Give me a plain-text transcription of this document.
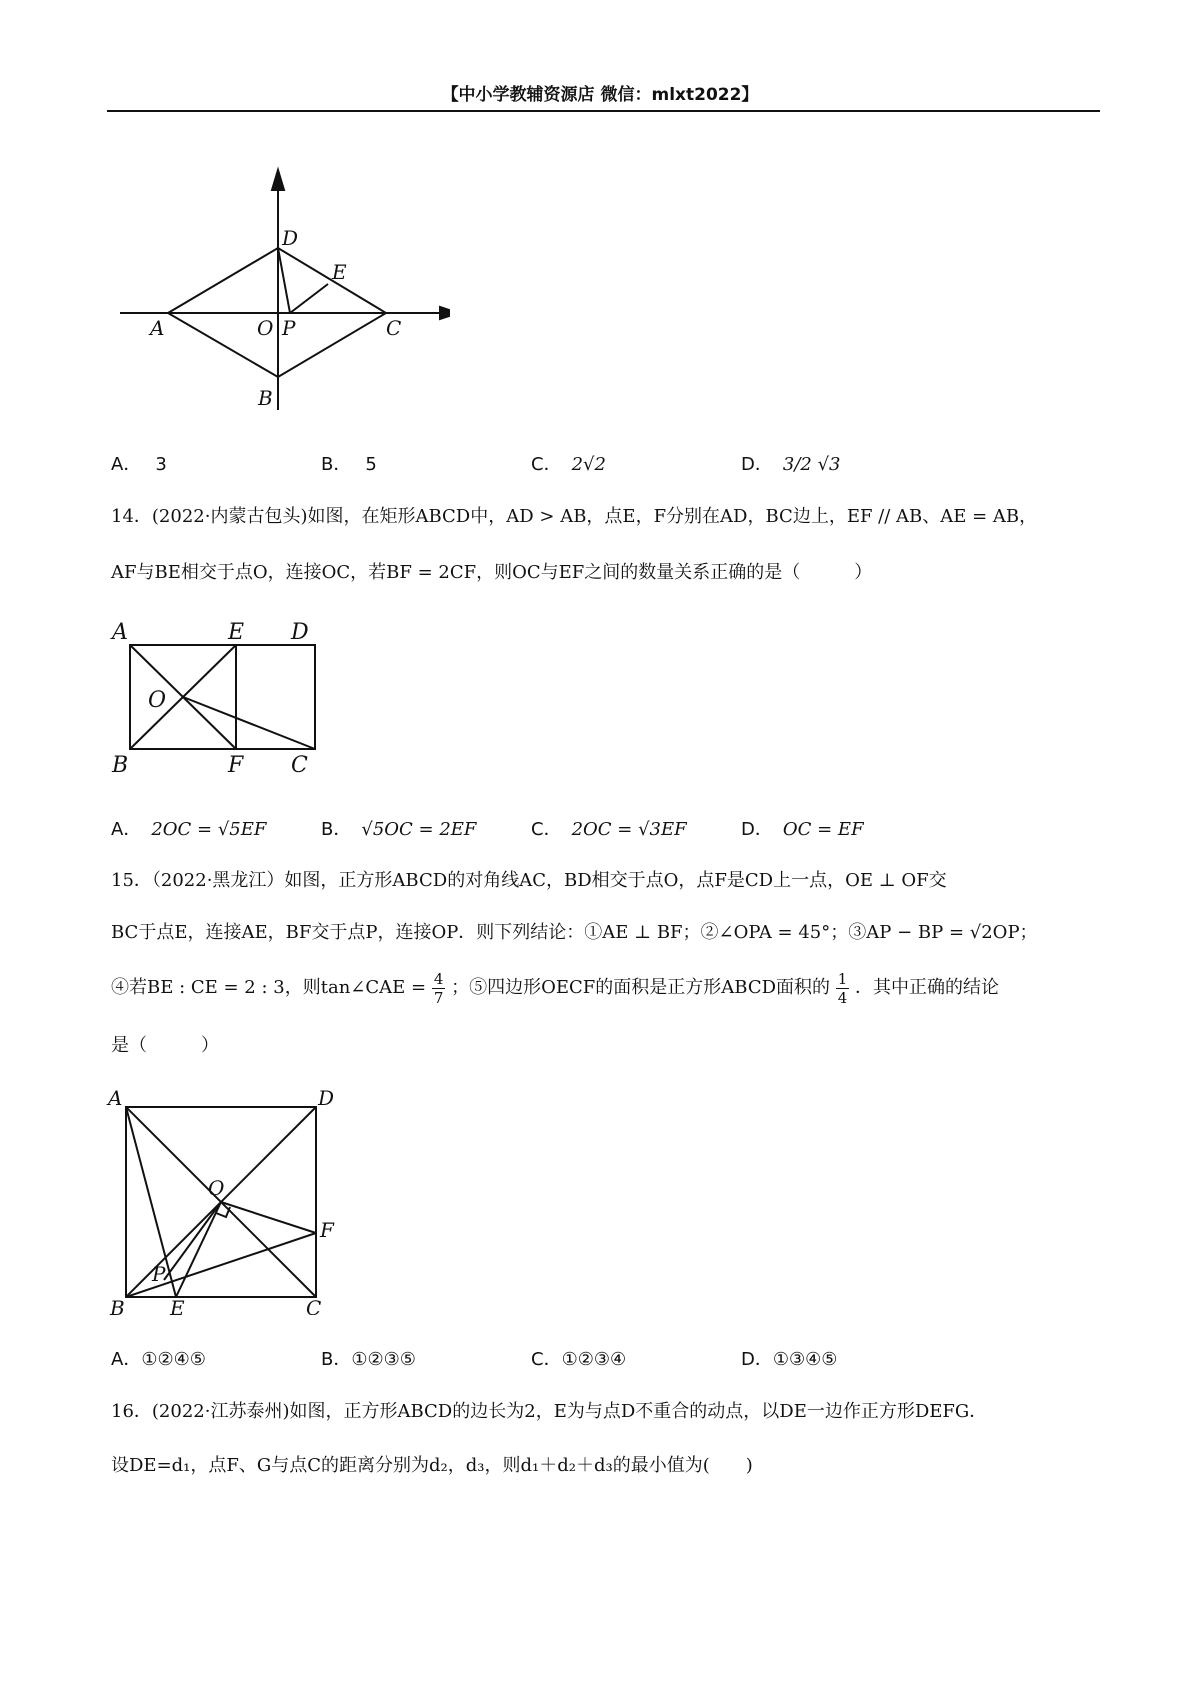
【中小学教辅资源店 微信：mlxt2022】
A
B
C
D
E
O P
A． 3	B． 5	C． 2√2	D． 3/2 √3
14．(2022·内蒙古包头)如图，在矩形ABCD中，AD > AB，点E，F分别在AD，BC边上，EF // AB、AE = AB，
AF与BE相交于点O，连接OC，若BF = 2CF，则OC与EF之间的数量关系正确的是（　　　）
A	E D
O
B	F C
A． 2OC = √5EF	B． √5OC = 2EF	C． 2OC = √3EF	D． OC = EF
15．（2022·黑龙江）如图，正方形ABCD的对角线AC，BD相交于点O，点F是CD上一点，OE ⊥ OF交
BC于点E，连接AE，BF交于点P，连接OP．则下列结论：①AE ⊥ BF；②∠OPA = 45°；③AP − BP = √2OP；
④若BE : CE = 2 : 3，则tan∠CAE = $\frac{4}{7}$ ；⑤四边形OECF的面积是正方形ABCD面积的 $\frac{1}{4}$ ．其中正确的结论
是（　　　）
A	D
O
F
P
B E	C
A．①②④⑤	B．①②③⑤	C．①②③④	D．①③④⑤
16．(2022·江苏泰州)如图，正方形ABCD的边长为2，E为与点D不重合的动点，以DE一边作正方形DEFG．
设DE=d₁，点F、G与点C的距离分别为d₂，d₃，则d₁＋d₂＋d₃的最小值为(　　)
